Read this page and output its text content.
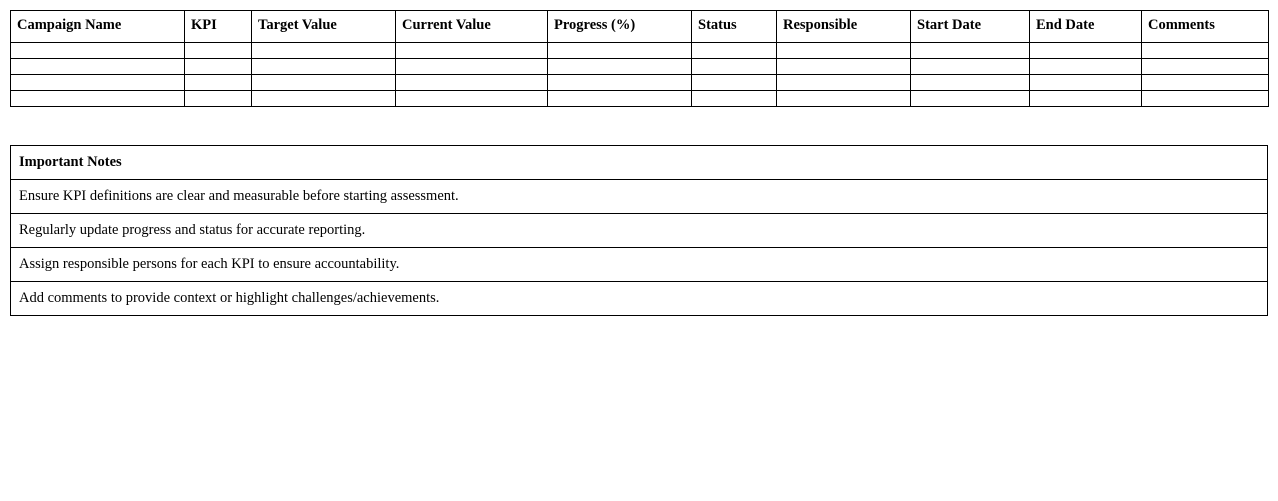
Campaign Name	KPI	Target Value	Current Value	Progress (%)	Status	Responsible	Start Date	End Date	Comments

Important Notes
Ensure KPI definitions are clear and measurable before starting assessment.
Regularly update progress and status for accurate reporting.
Assign responsible persons for each KPI to ensure accountability.
Add comments to provide context or highlight challenges/achievements.
